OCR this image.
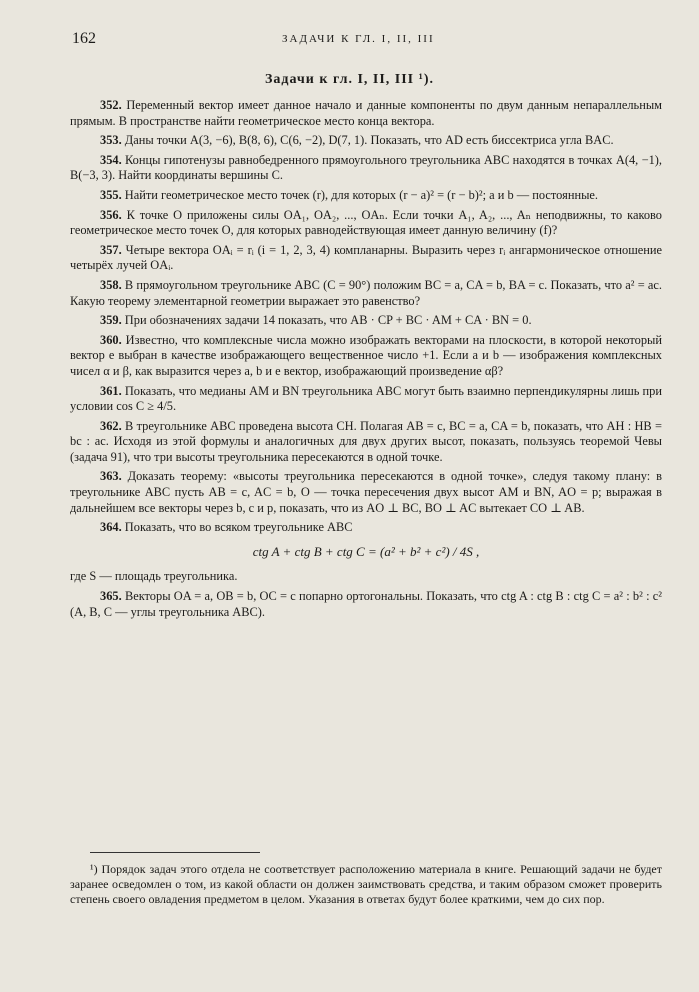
162	ЗАДАЧИ К ГЛ. I, II, III
Задачи к гл. I, II, III ¹).

352. Переменный вектор имеет данное начало и данные компоненты по двум данным непараллельным прямым. В пространстве найти геометрическое место конца вектора.

353. Даны точки A(3, −6), B(8, 6), C(6, −2), D(7, 1). Показать, что AD есть биссектриса угла BAC.

354. Концы гипотенузы равнобедренного прямоугольного треугольника ABC находятся в точках A(4, −1), B(−3, 3). Найти координаты вершины C.

355. Найти геометрическое место точек (r), для которых (r − a)² = (r − b)²; a и b — постоянные.

356. К точке O приложены силы OA₁, OA₂, ..., OAₙ. Если точки A₁, A₂, ..., Aₙ неподвижны, то каково геометрическое место точек O, для которых равнодействующая имеет данную величину (f)?

357. Четыре вектора OAᵢ = rᵢ (i = 1, 2, 3, 4) компланарны. Выразить через rᵢ ангармоническое отношение четырёх лучей OAᵢ.

358. В прямоугольном треугольнике ABC (C = 90°) положим BC = a, CA = b, BA = c. Показать, что a² = ac. Какую теорему элементарной геометрии выражает это равенство?

359. При обозначениях задачи 14 показать, что AB · CP + BC · AM + CA · BN = 0.

360. Известно, что комплексные числа можно изображать векторами на плоскости, в которой некоторый вектор e выбран в качестве изображающего вещественное число +1. Если a и b — изображения комплексных чисел α и β, как выразится через a, b и e вектор, изображающий произведение αβ?

361. Показать, что медианы AM и BN треугольника ABC могут быть взаимно перпендикулярны лишь при условии cos C ≥ 4/5.

362. В треугольнике ABC проведена высота CH. Полагая AB = c, BC = a, CA = b, показать, что AH : HB = bc : ac. Исходя из этой формулы и аналогичных для двух других высот, показать, пользуясь теоремой Чевы (задача 91), что три высоты треугольника пересекаются в одной точке.

363. Доказать теорему: «высоты треугольника пересекаются в одной точке», следуя такому плану: в треугольнике ABC пусть AB = c, AC = b, O — точка пересечения двух высот AM и BN, AO = p; выражая в дальнейшем все векторы через b, c и p, показать, что из AO ⊥ BC, BO ⊥ AC вытекает CO ⊥ AB.

364. Показать, что во всяком треугольнике ABC

ctg A + ctg B + ctg C = (a² + b² + c²) / 4S ,

где S — площадь треугольника.

365. Векторы OA = a, OB = b, OC = c попарно ортогональны. Показать, что ctg A : ctg B : ctg C = a² : b² : c² (A, B, C — углы треугольника ABC).

¹) Порядок задач этого отдела не соответствует расположению материала в книге. Решающий задачи не будет заранее осведомлен о том, из какой области он должен заимствовать средства, и таким образом сможет проверить степень своего овладения предметом в целом. Указания в ответах будут более краткими, чем до сих пор.
